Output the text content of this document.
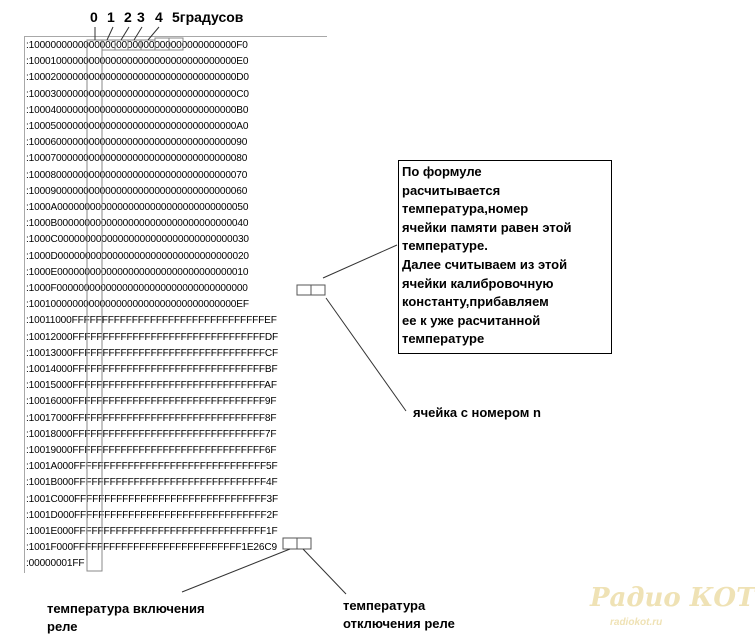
0 1 2 3 4 5градусов
:10000000000000000000000000000000000000F0
:10001000000000000000000000000000000000E0
:10002000000000000000000000000000000000D0
:10003000000000000000000000000000000000C0
:10004000000000000000000000000000000000B0
:10005000000000000000000000000000000000A0
:1000600000000000000000000000000000000090
:1000700000000000000000000000000000000080
:1000800000000000000000000000000000000070
:1000900000000000000000000000000000000060
:1000A00000000000000000000000000000000050
:1000B00000000000000000000000000000000040
:1000C00000000000000000000000000000000030
:1000D00000000000000000000000000000000020
:1000E00000000000000000000000000000000010
:1000F00000000000000000000000000000000000
:10010000000000000000000000000000000000EF
:10011000FFFFFFFFFFFFFFFFFFFFFFFFFFFFFFFFEF
:10012000FFFFFFFFFFFFFFFFFFFFFFFFFFFFFFFFDF
:10013000FFFFFFFFFFFFFFFFFFFFFFFFFFFFFFFFCF
:10014000FFFFFFFFFFFFFFFFFFFFFFFFFFFFFFFFBF
:10015000FFFFFFFFFFFFFFFFFFFFFFFFFFFFFFFFAF
:10016000FFFFFFFFFFFFFFFFFFFFFFFFFFFFFFFF9F
:10017000FFFFFFFFFFFFFFFFFFFFFFFFFFFFFFFF8F
:10018000FFFFFFFFFFFFFFFFFFFFFFFFFFFFFFFF7F
:10019000FFFFFFFFFFFFFFFFFFFFFFFFFFFFFFFF6F
:1001A000FFFFFFFFFFFFFFFFFFFFFFFFFFFFFFFF5F
:1001B000FFFFFFFFFFFFFFFFFFFFFFFFFFFFFFFF4F
:1001C000FFFFFFFFFFFFFFFFFFFFFFFFFFFFFFFF3F
:1001D000FFFFFFFFFFFFFFFFFFFFFFFFFFFFFFFF2F
:1001E000FFFFFFFFFFFFFFFFFFFFFFFFFFFFFFFF1F
:1001F000FFFFFFFFFFFFFFFFFFFFFFFFFFFF1E26C9
:00000001FF
По формуле
расчитывается
температура,номер
ячейки памяти равен этой
температуре.
Далее считываем из этой
ячейки калибровочную
константу,прибавляем
ее к уже расчитанной
температуре
ячейка с номером n
температура включения
реле
температура
отключения реле
Радио КОТ
radiokot.ru
